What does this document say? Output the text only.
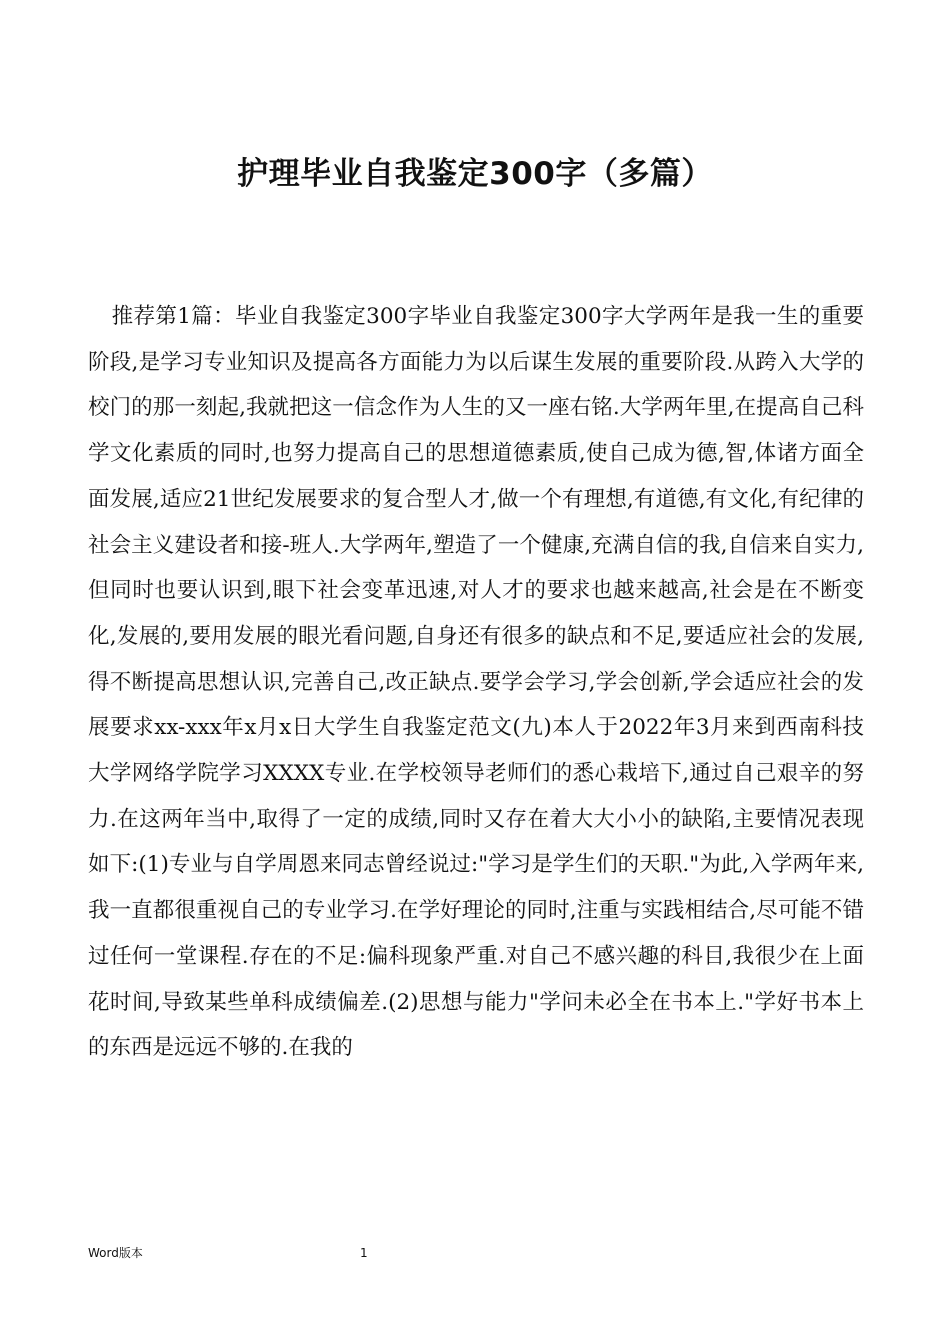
护理毕业自我鉴定300字（多篇）

推荐第1篇：毕业自我鉴定300字毕业自我鉴定300字大学两年是我一生的重要阶段,是学习专业知识及提高各方面能力为以后谋生发展的重要阶段.从跨入大学的校门的那一刻起,我就把这一信念作为人生的又一座右铭.大学两年里,在提高自己科学文化素质的同时,也努力提高自己的思想道德素质,使自己成为德,智,体诸方面全面发展,适应21世纪发展要求的复合型人才,做一个有理想,有道德,有文化,有纪律的社会主义建设者和接-班人.大学两年,塑造了一个健康,充满自信的我,自信来自实力,但同时也要认识到,眼下社会变革迅速,对人才的要求也越来越高,社会是在不断变化,发展的,要用发展的眼光看问题,自身还有很多的缺点和不足,要适应社会的发展,得不断提高思想认识,完善自己,改正缺点.要学会学习,学会创新,学会适应社会的发展要求xx-xxx年x月x日大学生自我鉴定范文(九)本人于2022年3月来到西南科技大学网络学院学习XXXX专业.在学校领导老师们的悉心栽培下,通过自己艰辛的努力.在这两年当中,取得了一定的成绩,同时又存在着大大小小的缺陷,主要情况表现如下:(1)专业与自学周恩来同志曾经说过:"学习是学生们的天职."为此,入学两年来,我一直都很重视自己的专业学习.在学好理论的同时,注重与实践相结合,尽可能不错过任何一堂课程.存在的不足:偏科现象严重.对自己不感兴趣的科目,我很少在上面花时间,导致某些单科成绩偏差.(2)思想与能力"学问未必全在书本上."学好书本上的东西是远远不够的.在我的

Word版本	1
